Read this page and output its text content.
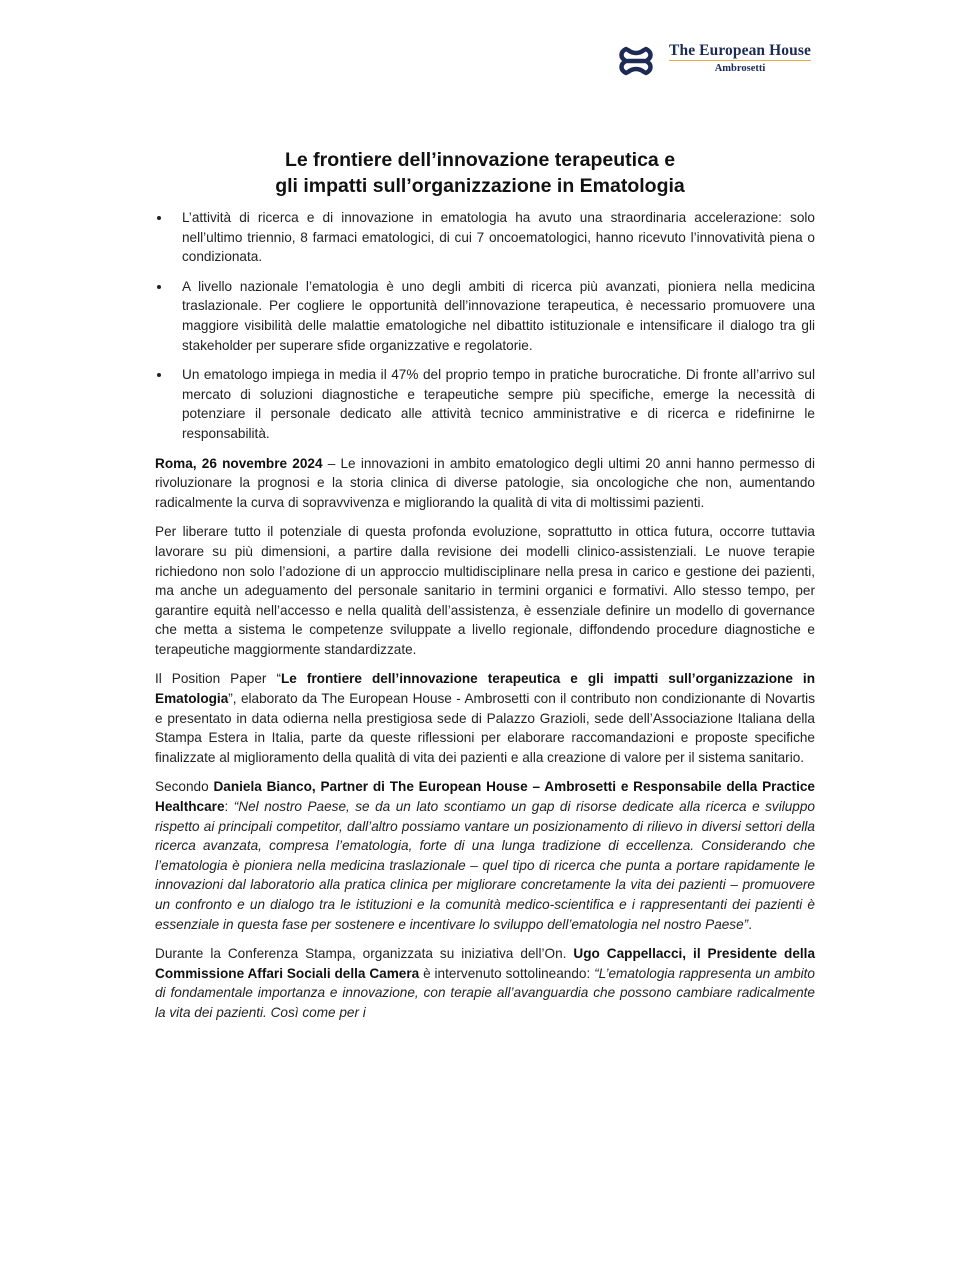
The European House
Ambrosetti
Le frontiere dell’innovazione terapeutica e
gli impatti sull’organizzazione in Ematologia
L’attività di ricerca e di innovazione in ematologia ha avuto una straordinaria accelerazione: solo nell’ultimo triennio, 8 farmaci ematologici, di cui 7 oncoematologici, hanno ricevuto l’innovatività piena o condizionata.
A livello nazionale l’ematologia è uno degli ambiti di ricerca più avanzati, pioniera nella medicina traslazionale. Per cogliere le opportunità dell’innovazione terapeutica, è necessario promuovere una maggiore visibilità delle malattie ematologiche nel dibattito istituzionale e intensificare il dialogo tra gli stakeholder per superare sfide organizzative e regolatorie.
Un ematologo impiega in media il 47% del proprio tempo in pratiche burocratiche. Di fronte all’arrivo sul mercato di soluzioni diagnostiche e terapeutiche sempre più specifiche, emerge la necessità di potenziare il personale dedicato alle attività tecnico amministrative e di ricerca e ridefinirne le responsabilità.

Roma, 26 novembre 2024 – Le innovazioni in ambito ematologico degli ultimi 20 anni hanno permesso di rivoluzionare la prognosi e la storia clinica di diverse patologie, sia oncologiche che non, aumentando radicalmente la curva di sopravvivenza e migliorando la qualità di vita di moltissimi pazienti.

Per liberare tutto il potenziale di questa profonda evoluzione, soprattutto in ottica futura, occorre tuttavia lavorare su più dimensioni, a partire dalla revisione dei modelli clinico-assistenziali. Le nuove terapie richiedono non solo l’adozione di un approccio multidisciplinare nella presa in carico e gestione dei pazienti, ma anche un adeguamento del personale sanitario in termini organici e formativi. Allo stesso tempo, per garantire equità nell’accesso e nella qualità dell’assistenza, è essenziale definire un modello di governance che metta a sistema le competenze sviluppate a livello regionale, diffondendo procedure diagnostiche e terapeutiche maggiormente standardizzate.

Il Position Paper “Le frontiere dell’innovazione terapeutica e gli impatti sull’organizzazione in Ematologia”, elaborato da The European House - Ambrosetti con il contributo non condizionante di Novartis e presentato in data odierna nella prestigiosa sede di Palazzo Grazioli, sede dell’Associazione Italiana della Stampa Estera in Italia, parte da queste riflessioni per elaborare raccomandazioni e proposte specifiche finalizzate al miglioramento della qualità di vita dei pazienti e alla creazione di valore per il sistema sanitario.

Secondo Daniela Bianco, Partner di The European House – Ambrosetti e Responsabile della Practice Healthcare: “Nel nostro Paese, se da un lato scontiamo un gap di risorse dedicate alla ricerca e sviluppo rispetto ai principali competitor, dall’altro possiamo vantare un posizionamento di rilievo in diversi settori della ricerca avanzata, compresa l’ematologia, forte di una lunga tradizione di eccellenza. Considerando che l’ematologia è pioniera nella medicina traslazionale – quel tipo di ricerca che punta a portare rapidamente le innovazioni dal laboratorio alla pratica clinica per migliorare concretamente la vita dei pazienti – promuovere un confronto e un dialogo tra le istituzioni e la comunità medico-scientifica e i rappresentanti dei pazienti è essenziale in questa fase per sostenere e incentivare lo sviluppo dell’ematologia nel nostro Paese”.

Durante la Conferenza Stampa, organizzata su iniziativa dell’On. Ugo Cappellacci, il Presidente della Commissione Affari Sociali della Camera è intervenuto sottolineando: “L’ematologia rappresenta un ambito di fondamentale importanza e innovazione, con terapie all’avanguardia che possono cambiare radicalmente la vita dei pazienti. Così come per i
